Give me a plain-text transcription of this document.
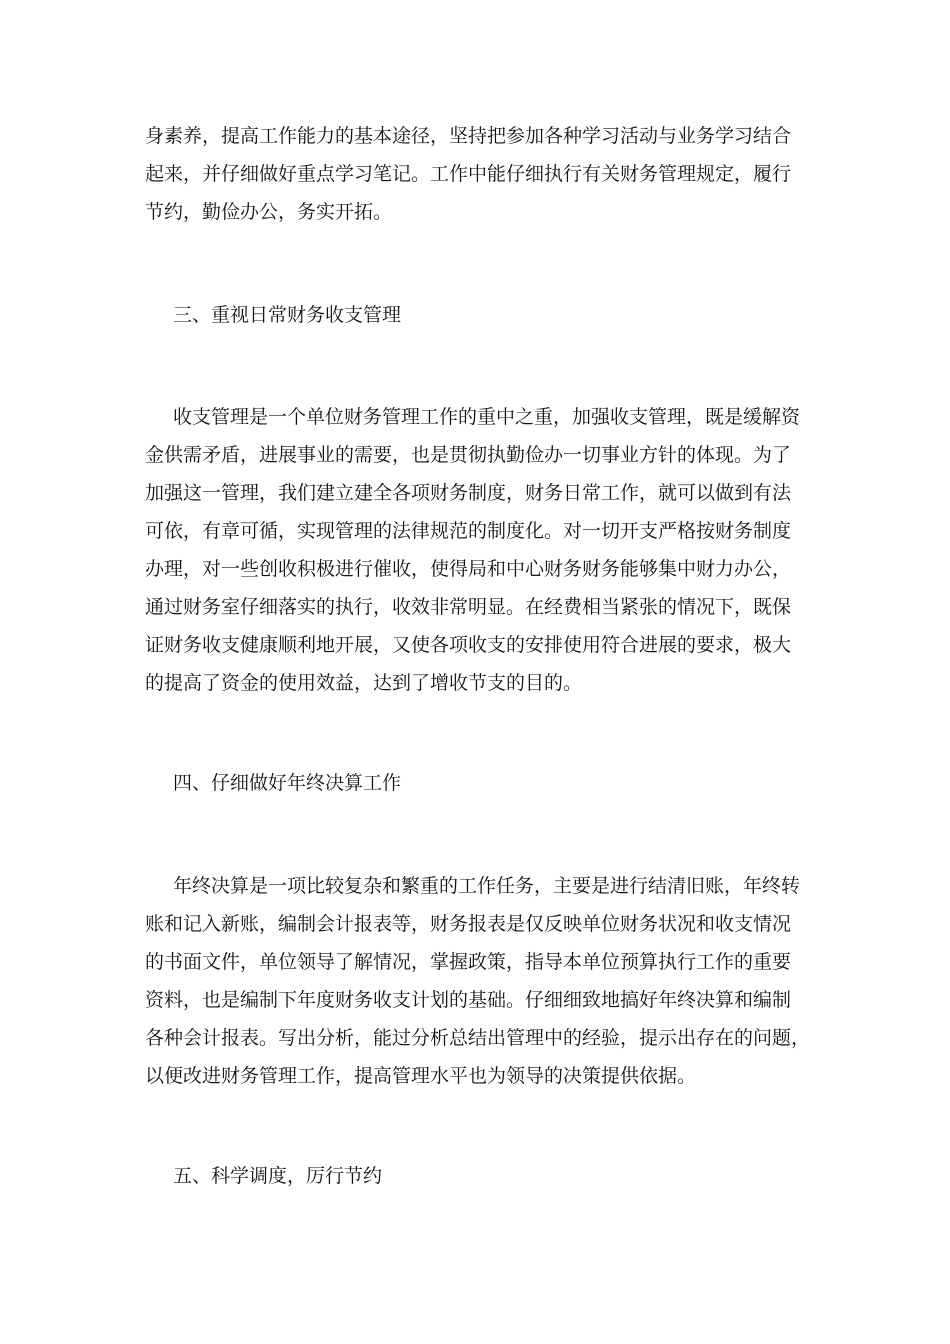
身素养，提高工作能力的基本途径，坚持把参加各种学习活动与业务学习结合
起来，并仔细做好重点学习笔记。工作中能仔细执行有关财务管理规定，履行
节约，勤俭办公，务实开拓。
三、重视日常财务收支管理
收支管理是一个单位财务管理工作的重中之重，加强收支管理，既是缓解资
金供需矛盾，进展事业的需要，也是贯彻执勤俭办一切事业方针的体现。为了
加强这一管理，我们建立建全各项财务制度，财务日常工作，就可以做到有法
可依，有章可循，实现管理的法律规范的制度化。对一切开支严格按财务制度
办理，对一些创收积极进行催收，使得局和中心财务财务能够集中财力办公，
通过财务室仔细落实的执行，收效非常明显。在经费相当紧张的情况下，既保
证财务收支健康顺利地开展，又使各项收支的安排使用符合进展的要求，极大
的提高了资金的使用效益，达到了增收节支的目的。
四、仔细做好年终决算工作
年终决算是一项比较复杂和繁重的工作任务，主要是进行结清旧账，年终转
账和记入新账，编制会计报表等，财务报表是仅反映单位财务状况和收支情况
的书面文件，单位领导了解情况，掌握政策，指导本单位预算执行工作的重要
资料，也是编制下年度财务收支计划的基础。仔细细致地搞好年终决算和编制
各种会计报表。写出分析，能过分析总结出管理中的经验，提示出存在的问题，
以便改进财务管理工作，提高管理水平也为领导的决策提供依据。
五、科学调度，厉行节约
